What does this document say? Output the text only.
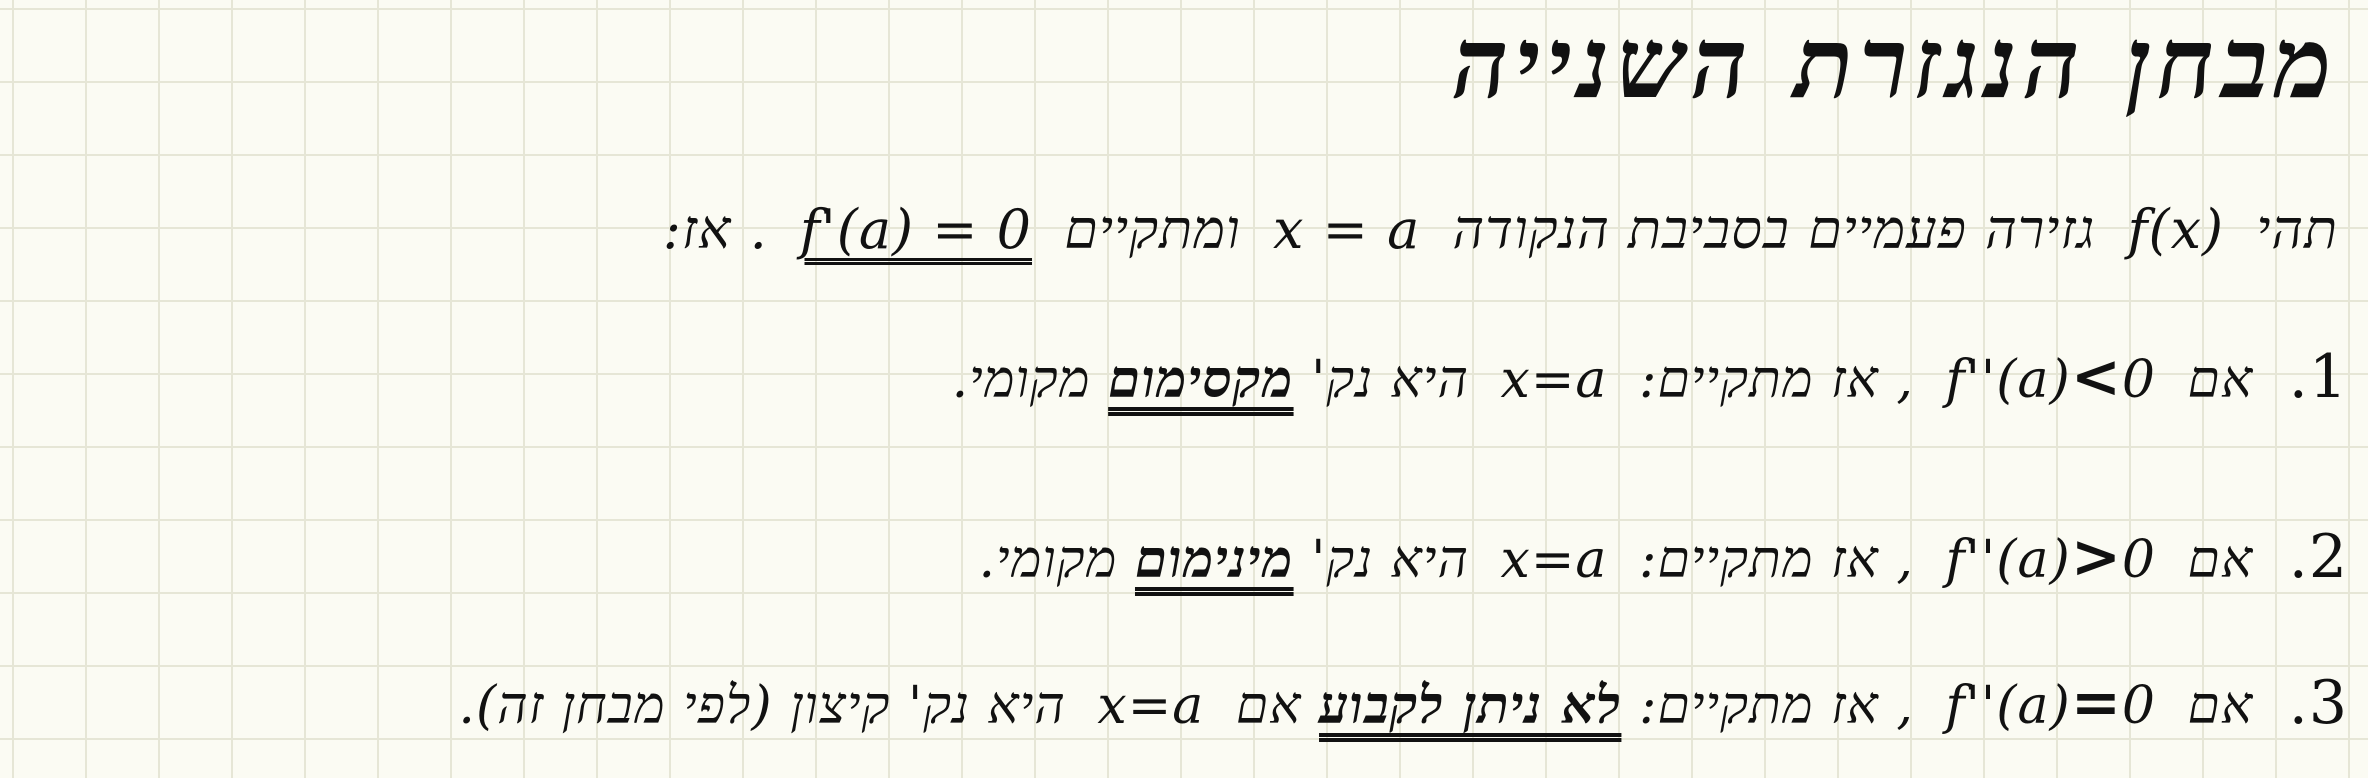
מבחן הנגזרת השנייה
תהי f(x) גזירה פעמיים בסביבת הנקודה x = a ומתקיים f'(a) = 0 . אז:
1. אם f''(a)<0 , אז מתקיים: x=a היא נק' מקסימום מקומי.
2. אם f''(a)>0 , אז מתקיים: x=a היא נק' מינימום מקומי.
3. אם f''(a)=0 , אז מתקיים: לא ניתן לקבוע אם x=a היא נק' קיצון (לפי מבחן זה).
